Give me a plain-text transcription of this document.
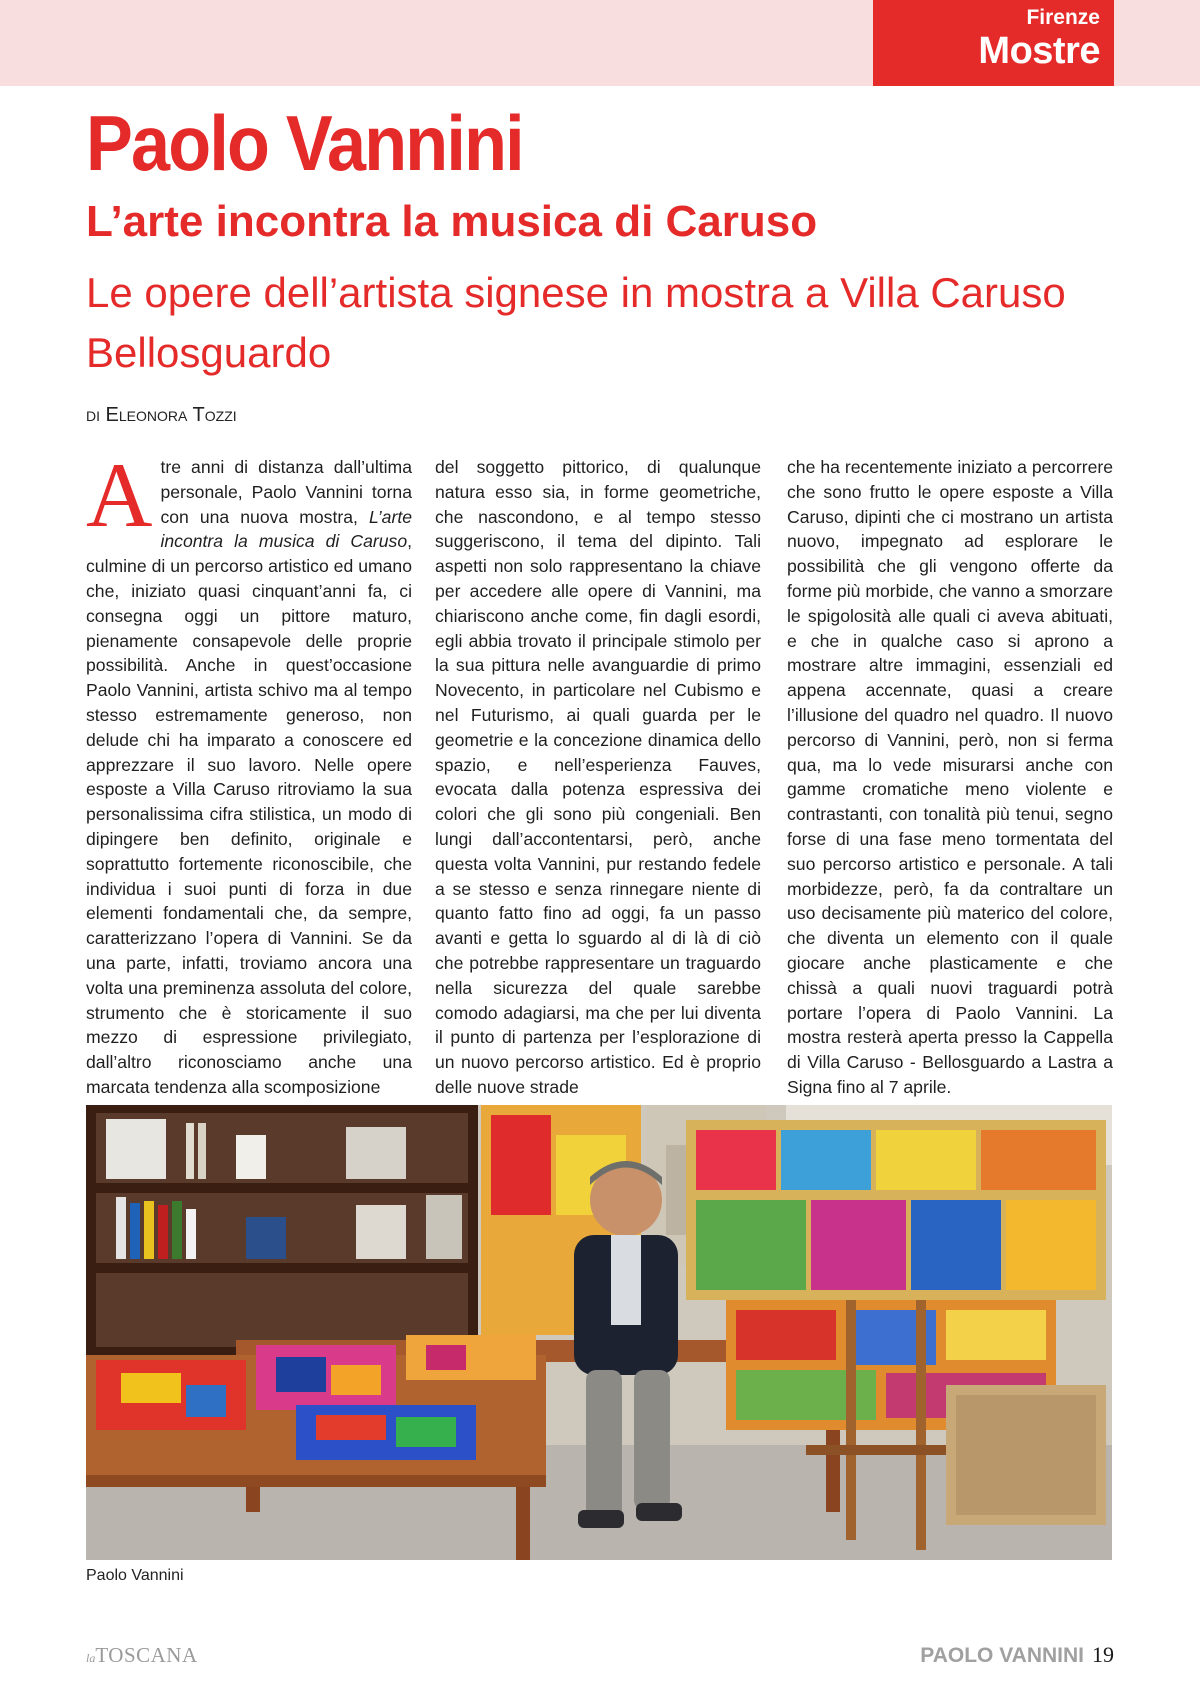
Firenze
Mostre
Paolo Vannini
L’arte incontra la musica di Caruso
Le opere dell’artista signese in mostra a Villa Caruso Bellosguardo

di Eleonora Tozzi

A tre anni di distanza dall’ultima personale, Paolo Vannini torna con una nuova mostra, L’arte incontra la musica di Caruso, culmine di un percorso artistico ed umano che, iniziato quasi cinquant’anni fa, ci consegna oggi un pittore maturo, pienamente consapevole delle proprie possibilità. Anche in quest’occasione Paolo Vannini, artista schivo ma al tempo stesso estremamente generoso, non delude chi ha imparato a conoscere ed apprezzare il suo lavoro. Nelle opere esposte a Villa Caruso ritroviamo la sua personalissima cifra stilistica, un modo di dipingere ben definito, originale e soprattutto fortemente riconoscibile, che individua i suoi punti di forza in due elementi fondamentali che, da sempre, caratterizzano l’opera di Vannini. Se da una parte, infatti, troviamo ancora una volta una preminenza assoluta del colore, strumento che è storicamente il suo mezzo di espressione privilegiato, dall’altro riconosciamo anche una marcata tendenza alla scomposizione

del soggetto pittorico, di qualunque natura esso sia, in forme geometriche, che nascondono, e al tempo stesso suggeriscono, il tema del dipinto. Tali aspetti non solo rappresentano la chiave per accedere alle opere di Vannini, ma chiariscono anche come, fin dagli esordi, egli abbia trovato il principale stimolo per la sua pittura nelle avanguardie di primo Novecento, in particolare nel Cubismo e nel Futurismo, ai quali guarda per le geometrie e la concezione dinamica dello spazio, e nell’esperienza Fauves, evocata dalla potenza espressiva dei colori che gli sono più congeniali. Ben lungi dall’accontentarsi, però, anche questa volta Vannini, pur restando fedele a se stesso e senza rinnegare niente di quanto fatto fino ad oggi, fa un passo avanti e getta lo sguardo al di là di ciò che potrebbe rappresentare un traguardo nella sicurezza del quale sarebbe comodo adagiarsi, ma che per lui diventa il punto di partenza per l’esplorazione di un nuovo percorso artistico. Ed è proprio delle nuove strade

che ha recentemente iniziato a percorrere che sono frutto le opere esposte a Villa Caruso, dipinti che ci mostrano un artista nuovo, impegnato ad esplorare le possibilità che gli vengono offerte da forme più morbide, che vanno a smorzare le spigolosità alle quali ci aveva abituati, e che in qualche caso si aprono a mostrare altre immagini, essenziali ed appena accennate, quasi a creare l’illusione del quadro nel quadro. Il nuovo percorso di Vannini, però, non si ferma qua, ma lo vede misurarsi anche con gamme cromatiche meno violente e contrastanti, con tonalità più tenui, segno forse di una fase meno tormentata del suo percorso artistico e personale. A tali morbidezze, però, fa da contraltare un uso decisamente più materico del colore, che diventa un elemento con il quale giocare anche plasticamente e che chissà a quali nuovi traguardi potrà portare l’opera di Paolo Vannini. La mostra resterà aperta presso la Cappella di Villa Caruso - Bellosguardo a Lastra a Signa fino al 7 aprile.

Paolo Vannini

laTOSCANA	PAOLO VANNINI 19
